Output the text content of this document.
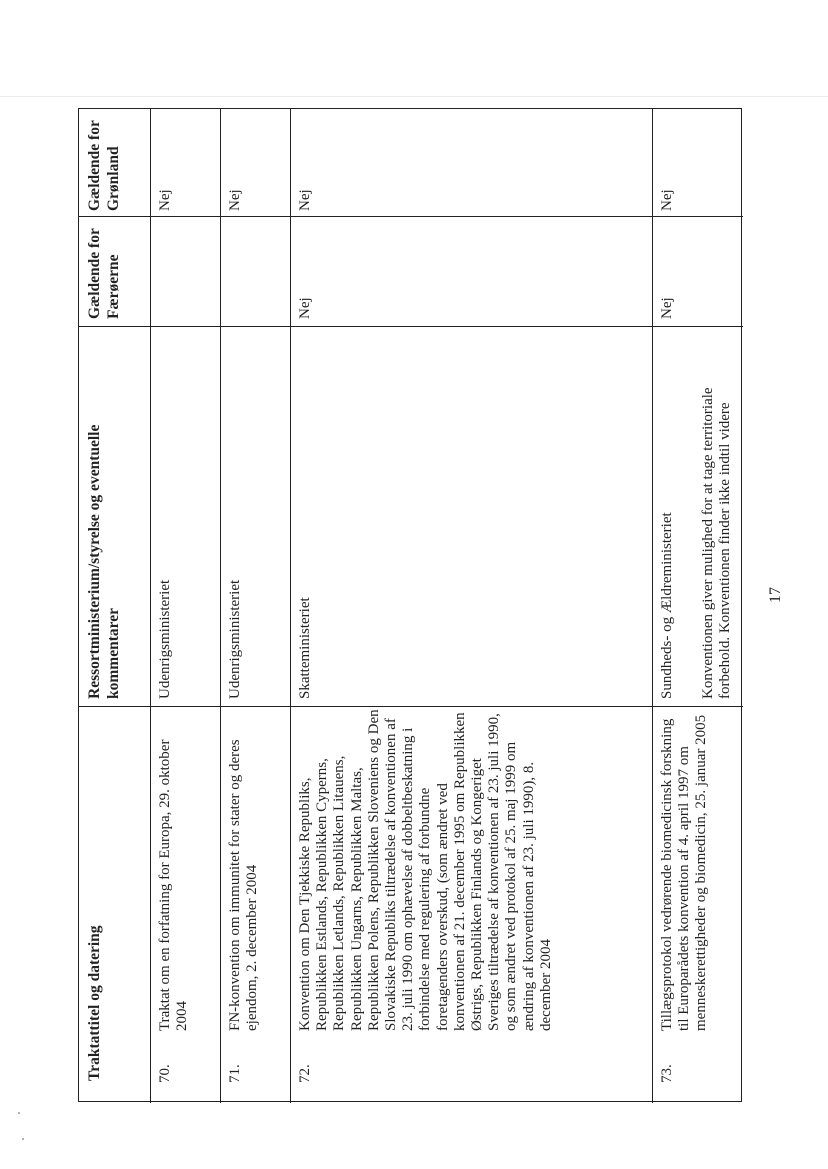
Traktattitel og datering
Ressortministerium/styrelse og eventuelle kommentarer
Gældende for Færøerne
Gældende for Grønland
70.
Traktat om en forfatning for Europa, 29. oktober 2004
Udenrigsministeriet
Nej
71.
FN-konvention om immunitet for stater og deres ejendom, 2. december 2004
Udenrigsministeriet
Nej
72.
Konvention om Den Tjekkiske Republiks, Republikken Estlands, Republikken Cyperns, Republikken Letlands, Republikken Litauens, Republikken Ungarns, Republikken Maltas, Republikken Polens, Republikken Sloveniens og Den Slovakiske Republiks tiltrædelse af konventionen af 23. juli 1990 om ophævelse af dobbeltbeskatning i forbindelse med regulering af forbundne foretagenders overskud, (som ændret ved konventionen af 21. december 1995 om Republikken Østrigs, Republikken Finlands og Kongeriget Sveriges tiltrædelse af konventionen af 23. juli 1990, og som ændret ved protokol af 25. maj 1999 om ændring af konventionen af 23. juli 1990), 8. december 2004
Skatteministeriet
Nej
Nej
73.
Tillægsprotokol vedrørende biomedicinsk forskning til Europarådets konvention af 4. april 1997 om menneskerettigheder og biomedicin, 25. januar 2005
Sundheds- og Ældreministeriet Konventionen giver mulighed for at tage territoriale forbehold. Konventionen finder ikke indtil videre
Nej
Nej
17
